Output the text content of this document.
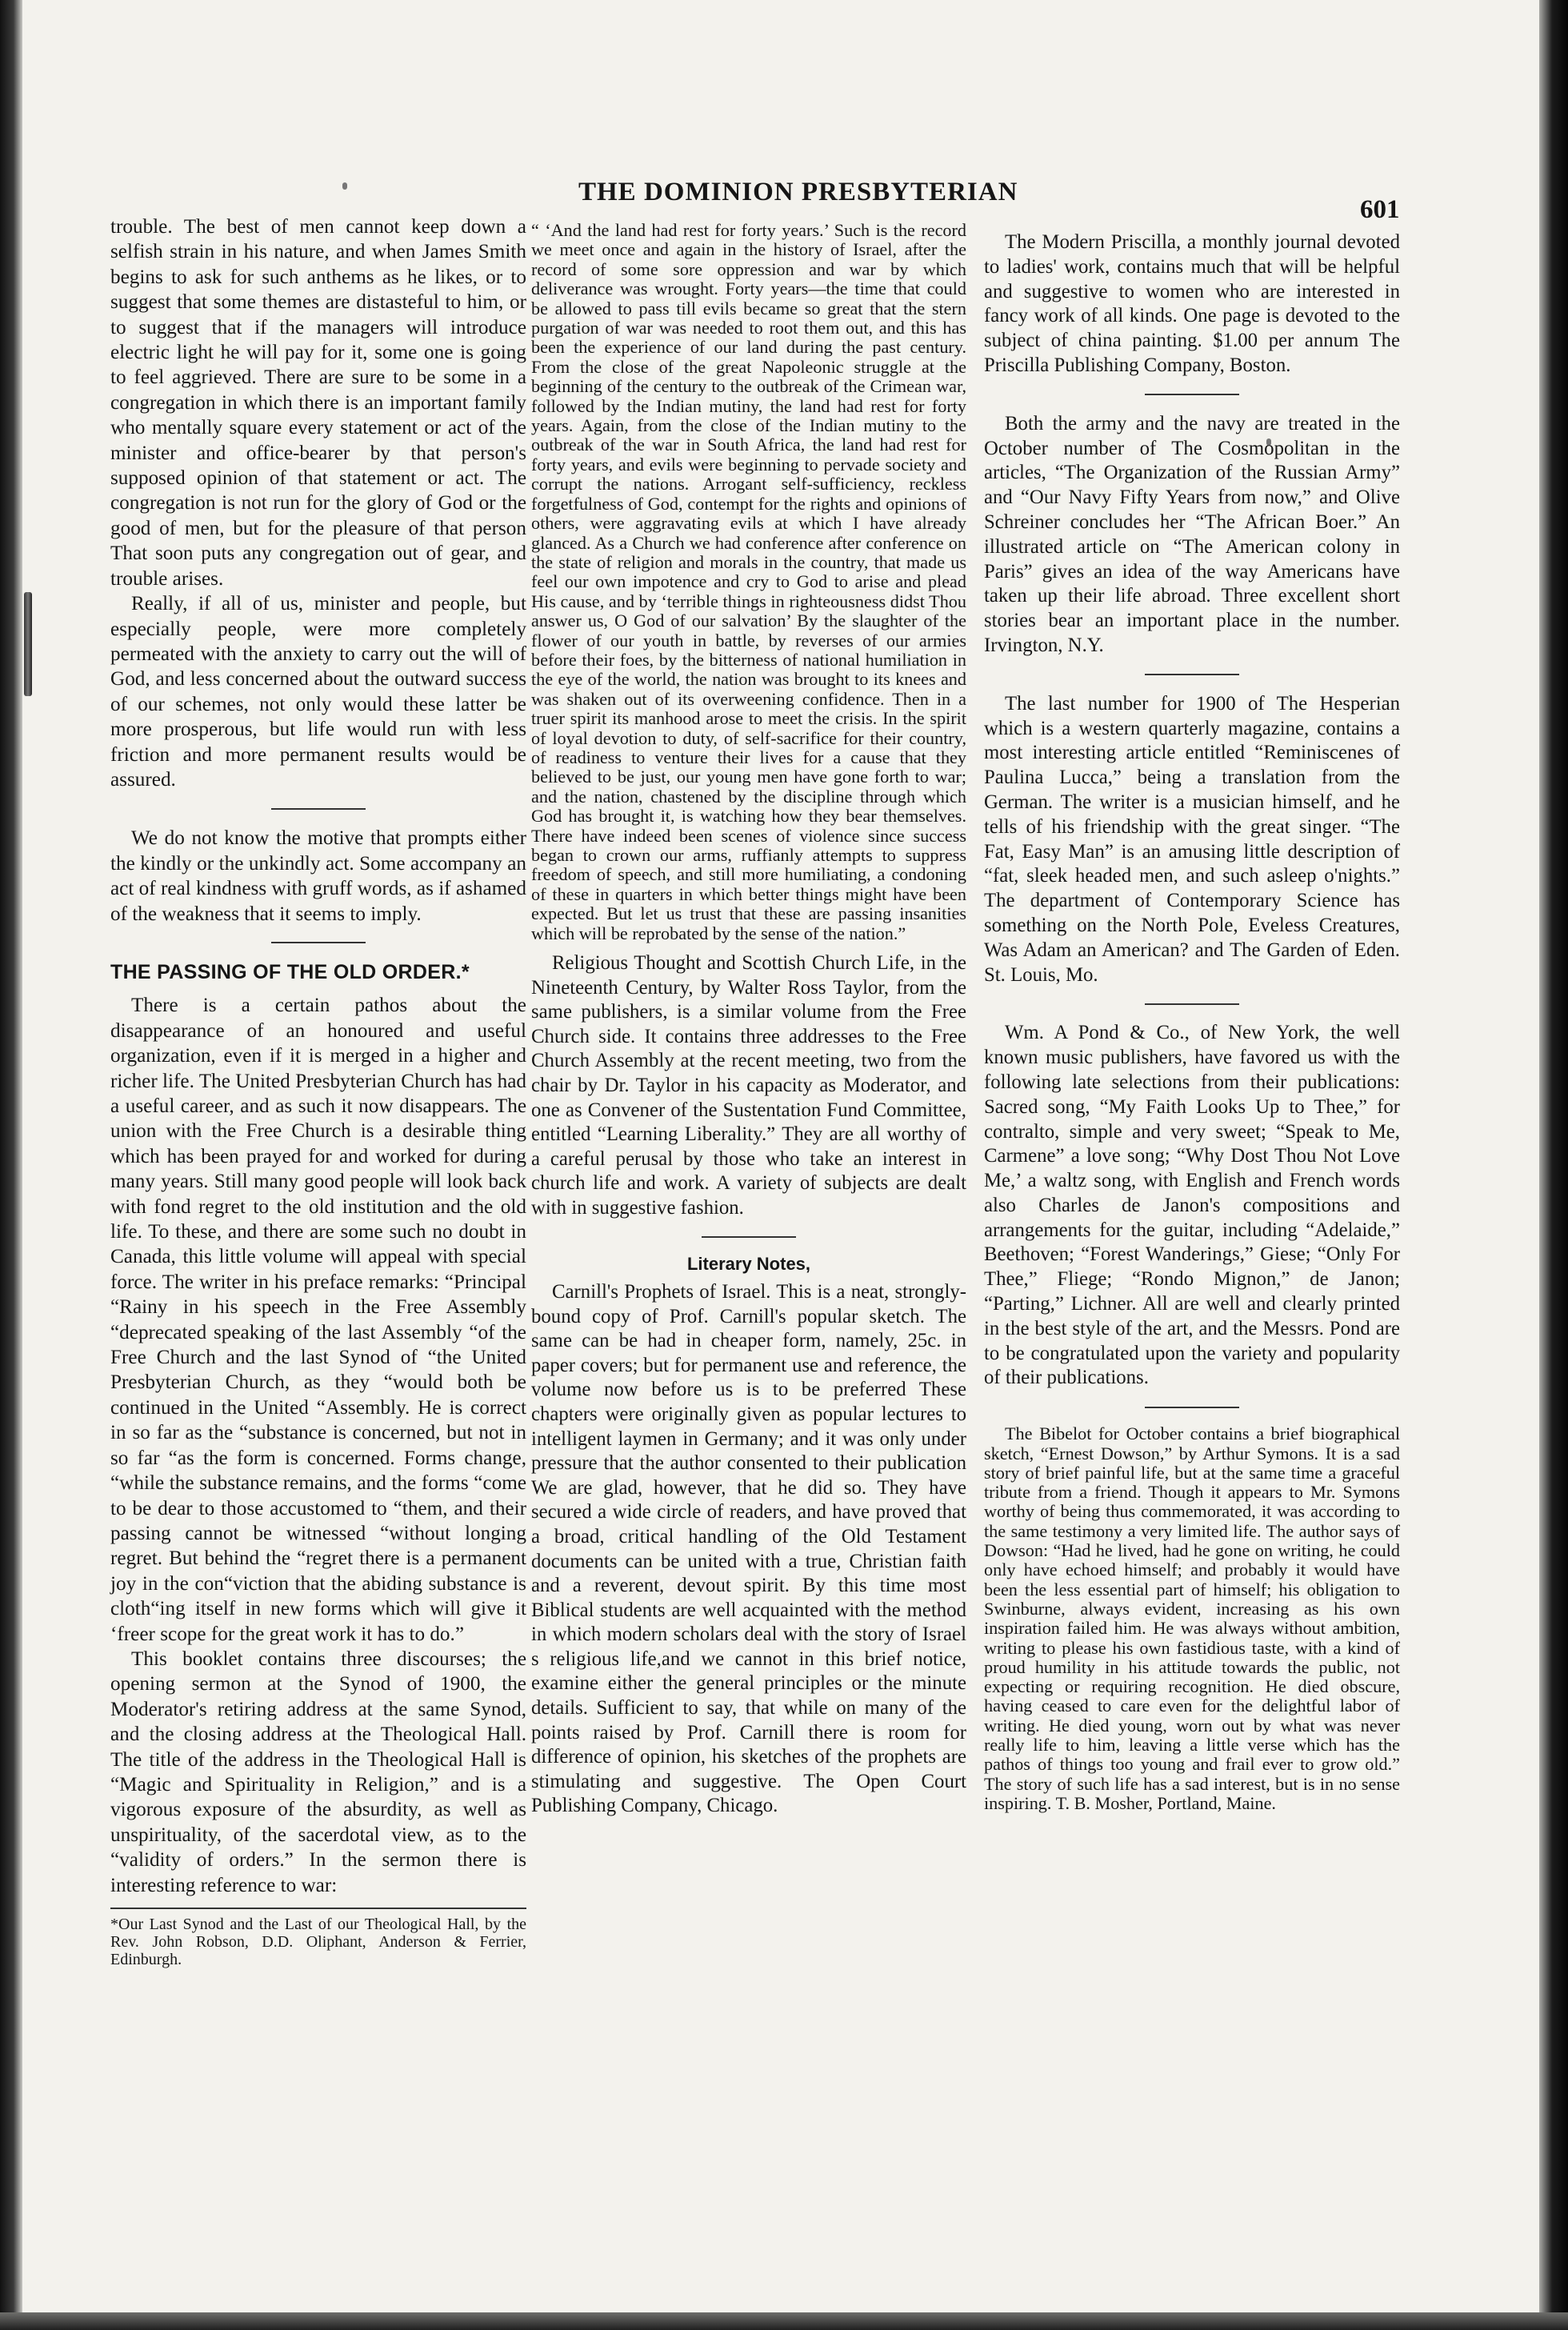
THE DOMINION PRESBYTERIAN
601

trouble. The best of men cannot keep down a selfish strain in his nature, and when James Smith begins to ask for such anthems as he likes, or to suggest that some themes are distasteful to him, or to suggest that if the managers will introduce electric light he will pay for it, some one is going to feel aggrieved. There are sure to be some in a congregation in which there is an important family who mentally square every statement or act of the minister and office-bearer by that person's supposed opinion of that statement or act. The congregation is not run for the glory of God or the good of men, but for the pleasure of that person That soon puts any congregation out of gear, and trouble arises.

Really, if all of us, minister and people, but especially people, were more completely permeated with the anxiety to carry out the will of God, and less concerned about the outward success of our schemes, not only would these latter be more prosperous, but life would run with less friction and more permanent results would be assured.

We do not know the motive that prompts either the kindly or the unkindly act. Some accompany an act of real kindness with gruff words, as if ashamed of the weakness that it seems to imply.

THE PASSING OF THE OLD ORDER.*

There is a certain pathos about the disappearance of an honoured and useful organization, even if it is merged in a higher and richer life. The United Presbyterian Church has had a useful career, and as such it now disappears. The union with the Free Church is a desirable thing which has been prayed for and worked for during many years. Still many good people will look back with fond regret to the old institution and the old life. To these, and there are some such no doubt in Canada, this little volume will appeal with special force. The writer in his preface remarks: “Principal “Rainy in his speech in the Free Assembly “deprecated speaking of the last Assembly “of the Free Church and the last Synod of “the United Presbyterian Church, as they “would both be continued in the United “Assembly. He is correct in so far as the “substance is concerned, but not in so far “as the form is concerned. Forms change, “while the substance remains, and the forms “come to be dear to those accustomed to “them, and their passing cannot be witnessed “without longing regret. But behind the “regret there is a permanent joy in the con“viction that the abiding substance is cloth“ing itself in new forms which will give it ‘freer scope for the great work it has to do.”

This booklet contains three discourses; the opening sermon at the Synod of 1900, the Moderator's retiring address at the same Synod, and the closing address at the Theological Hall. The title of the address in the Theological Hall is “Magic and Spirituality in Religion,” and is a vigorous exposure of the absurdity, as well as unspirituality, of the sacerdotal view, as to the “validity of orders.” In the sermon there is interesting reference to war:

*Our Last Synod and the Last of our Theological Hall, by the Rev. John Robson, D.D. Oliphant, Anderson & Ferrier, Edinburgh.

“ ‘And the land had rest for forty years.’ Such is the record we meet once and again in the history of Israel, after the record of some sore oppression and war by which deliverance was wrought. Forty years—the time that could be allowed to pass till evils became so great that the stern purgation of war was needed to root them out, and this has been the experience of our land during the past century. From the close of the great Napoleonic struggle at the beginning of the century to the outbreak of the Crimean war, followed by the Indian mutiny, the land had rest for forty years. Again, from the close of the Indian mutiny to the outbreak of the war in South Africa, the land had rest for forty years, and evils were beginning to pervade society and corrupt the nations. Arrogant self-sufficiency, reckless forgetfulness of God, contempt for the rights and opinions of others, were aggravating evils at which I have already glanced. As a Church we had conference after conference on the state of religion and morals in the country, that made us feel our own impotence and cry to God to arise and plead His cause, and by ‘terrible things in righteousness didst Thou answer us, O God of our salvation’ By the slaughter of the flower of our youth in battle, by reverses of our armies before their foes, by the bitterness of national humiliation in the eye of the world, the nation was brought to its knees and was shaken out of its overweening confidence. Then in a truer spirit its manhood arose to meet the crisis. In the spirit of loyal devotion to duty, of self-sacrifice for their country, of readiness to venture their lives for a cause that they believed to be just, our young men have gone forth to war; and the nation, chastened by the discipline through which God has brought it, is watching how they bear themselves. There have indeed been scenes of violence since success began to crown our arms, ruffianly attempts to suppress freedom of speech, and still more humiliating, a condoning of these in quarters in which better things might have been expected. But let us trust that these are passing insanities which will be reprobated by the sense of the nation.”

Religious Thought and Scottish Church Life, in the Nineteenth Century, by Walter Ross Taylor, from the same publishers, is a similar volume from the Free Church side. It contains three addresses to the Free Church Assembly at the recent meeting, two from the chair by Dr. Taylor in his capacity as Moderator, and one as Convener of the Sustentation Fund Committee, entitled “Learning Liberality.” They are all worthy of a careful perusal by those who take an interest in church life and work. A variety of subjects are dealt with in suggestive fashion.

Literary Notes,

Carnill's Prophets of Israel. This is a neat, strongly-bound copy of Prof. Carnill's popular sketch. The same can be had in cheaper form, namely, 25c. in paper covers; but for permanent use and reference, the volume now before us is to be preferred These chapters were originally given as popular lectures to intelligent laymen in Germany; and it was only under pressure that the author consented to their publication We are glad, however, that he did so. They have secured a wide circle of readers, and have proved that a broad, critical handling of the Old Testament documents can be united with a true, Christian faith and a reverent, devout spirit. By this time most Biblical students are well acquainted with the method in which modern scholars deal with the story of Israel s religious life,and we cannot in this brief notice, examine either the general principles or the minute details. Sufficient to say, that while on many of the points raised by Prof. Carnill there is room for difference of opinion, his sketches of the prophets are stimulating and suggestive. The Open Court Publishing Company, Chicago.

The Modern Priscilla, a monthly journal devoted to ladies' work, contains much that will be helpful and suggestive to women who are interested in fancy work of all kinds. One page is devoted to the subject of china painting. $1.00 per annum The Priscilla Publishing Company, Boston.

Both the army and the navy are treated in the October number of The Cosmopolitan in the articles, “The Organization of the Russian Army” and “Our Navy Fifty Years from now,” and Olive Schreiner concludes her “The African Boer.” An illustrated article on “The American colony in Paris” gives an idea of the way Americans have taken up their life abroad. Three excellent short stories bear an important place in the number. Irvington, N.Y.

The last number for 1900 of The Hesperian which is a western quarterly magazine, contains a most interesting article entitled “Reminiscenes of Paulina Lucca,” being a translation from the German. The writer is a musician himself, and he tells of his friendship with the great singer. “The Fat, Easy Man” is an amusing little description of “fat, sleek headed men, and such asleep o'nights.” The department of Contemporary Science has something on the North Pole, Eveless Creatures, Was Adam an American? and The Garden of Eden. St. Louis, Mo.

Wm. A Pond & Co., of New York, the well known music publishers, have favored us with the following late selections from their publications: Sacred song, “My Faith Looks Up to Thee,” for contralto, simple and very sweet; “Speak to Me, Carmene” a love song; “Why Dost Thou Not Love Me,’ a waltz song, with English and French words also Charles de Janon's compositions and arrangements for the guitar, including “Adelaide,” Beethoven; “Forest Wanderings,” Giese; “Only For Thee,” Fliege; “Rondo Mignon,” de Janon; “Parting,” Lichner. All are well and clearly printed in the best style of the art, and the Messrs. Pond are to be congratulated upon the variety and popularity of their publications.

The Bibelot for October contains a brief biographical sketch, “Ernest Dowson,” by Arthur Symons. It is a sad story of brief painful life, but at the same time a graceful tribute from a friend. Though it appears to Mr. Symons worthy of being thus commemorated, it was according to the same testimony a very limited life. The author says of Dowson: “Had he lived, had he gone on writing, he could only have echoed himself; and probably it would have been the less essential part of himself; his obligation to Swinburne, always evident, increasing as his own inspiration failed him. He was always without ambition, writing to please his own fastidious taste, with a kind of proud humility in his attitude towards the public, not expecting or requiring recognition. He died obscure, having ceased to care even for the delightful labor of writing. He died young, worn out by what was never really life to him, leaving a little verse which has the pathos of things too young and frail ever to grow old.” The story of such life has a sad interest, but is in no sense inspiring. T. B. Mosher, Portland, Maine.
